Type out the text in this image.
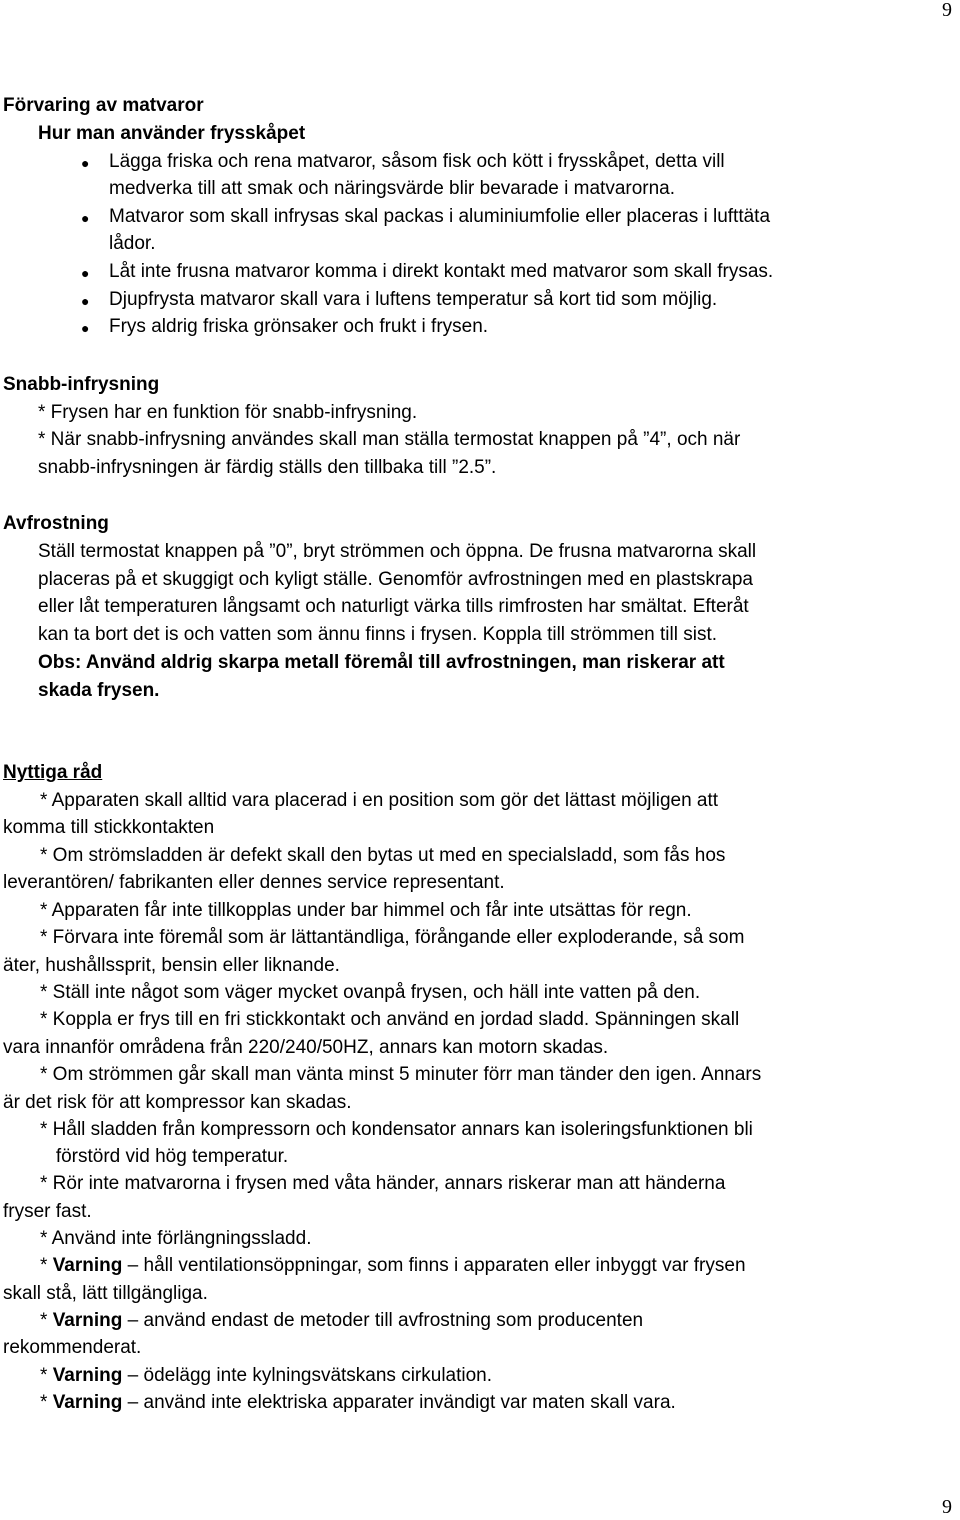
9
Förvaring av matvaror
Hur man använder frysskåpet
● Lägga friska och rena matvaror, såsom fisk och kött i frysskåpet, detta vill
medverka till att smak och näringsvärde blir bevarade i matvarorna.
● Matvaror som skall infrysas skal packas i aluminiumfolie eller placeras i lufttäta
lådor.
● Låt inte frusna matvaror komma i direkt kontakt med matvaror som skall frysas.
● Djupfrysta matvaror skall vara i luftens temperatur så kort tid som möjlig.
● Frys aldrig friska grönsaker och frukt i frysen.
Snabb-infrysning
* Frysen har en funktion för snabb-infrysning.
* När snabb-infrysning användes skall man ställa termostat knappen på ”4”, och när
snabb-infrysningen är färdig ställs den tillbaka till ”2.5”.
Avfrostning
Ställ termostat knappen på ”0”, bryt strömmen och öppna. De frusna matvarorna skall
placeras på et skuggigt och kyligt ställe. Genomför avfrostningen med en plastskrapa
eller låt temperaturen långsamt och naturligt värka tills rimfrosten har smältat. Efteråt
kan ta bort det is och vatten som ännu finns i frysen. Koppla till strömmen till sist.
Obs: Använd aldrig skarpa metall föremål till avfrostningen, man riskerar att
skada frysen.
Nyttiga råd
* Apparaten skall alltid vara placerad i en position som gör det lättast möjligen att
komma till stickkontakten
* Om strömsladden är defekt skall den bytas ut med en specialsladd, som fås hos
leverantören/ fabrikanten eller dennes service representant.
* Apparaten får inte tillkopplas under bar himmel och får inte utsättas för regn.
* Förvara inte föremål som är lättantändliga, förångande eller exploderande, så som
äter, hushållssprit, bensin eller liknande.
* Ställ inte något som väger mycket ovanpå frysen, och häll inte vatten på den.
* Koppla er frys till en fri stickkontakt och använd en jordad sladd. Spänningen skall
vara innanför områdena från 220/240/50HZ, annars kan motorn skadas.
* Om strömmen går skall man vänta minst 5 minuter förr man tänder den igen. Annars
är det risk för att kompressor kan skadas.
* Håll sladden från kompressorn och kondensator annars kan isoleringsfunktionen bli
förstörd vid hög temperatur.
* Rör inte matvarorna i frysen med våta händer, annars riskerar man att händerna
fryser fast.
* Använd inte förlängningssladd.
* Varning – håll ventilationsöppningar, som finns i apparaten eller inbyggt var frysen
skall stå, lätt tillgängliga.
* Varning – använd endast de metoder till avfrostning som producenten
rekommenderat.
* Varning – ödelägg inte kylningsvätskans cirkulation.
* Varning – använd inte elektriska apparater invändigt var maten skall vara.
9
